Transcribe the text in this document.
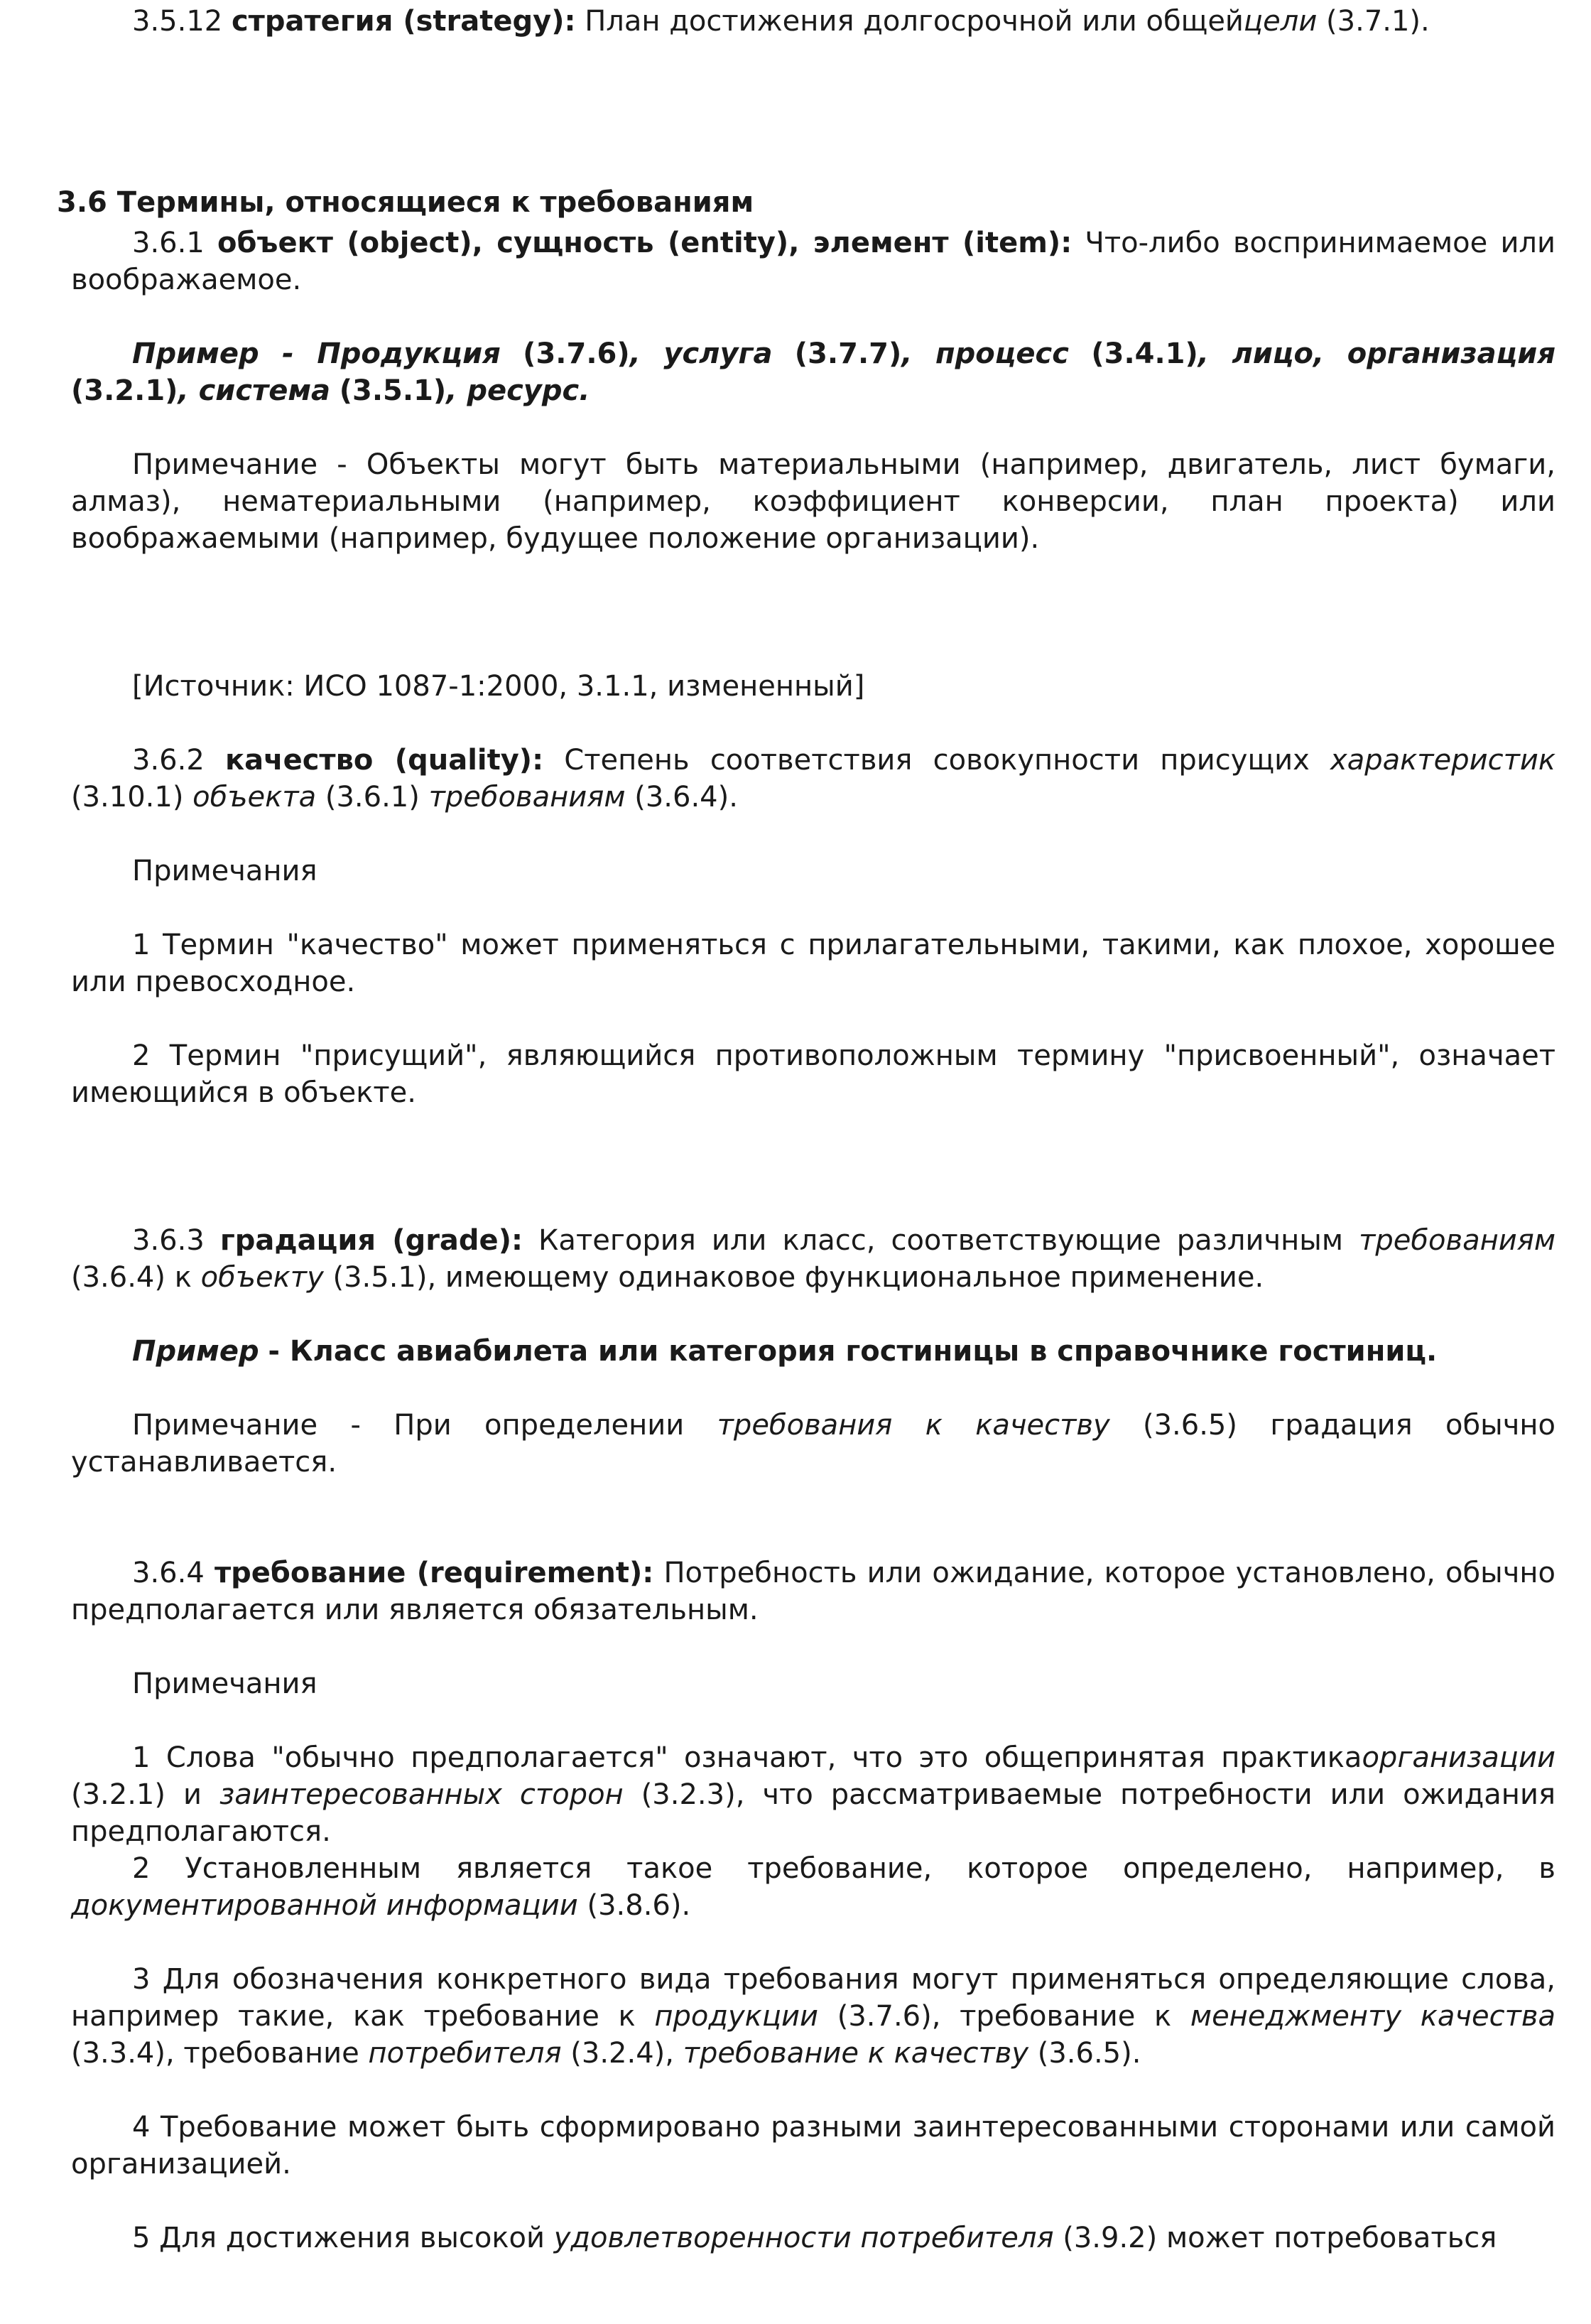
3.5.12 стратегия (strategy): План достижения долгосрочной или общейцели (3.7.1).

3.6 Термины, относящиеся к требованиям

3.6.1 объект (object), сущность (entity), элемент (item): Что-либо воспринимаемое или воображаемое.

Пример - Продукция (3.7.6), услуга (3.7.7), процесс (3.4.1), лицо, организация (3.2.1), система (3.5.1), ресурс.

Примечание - Объекты могут быть материальными (например, двигатель, лист бумаги, алмаз), нематериальными (например, коэффициент конверсии, план проекта) или воображаемыми (например, будущее положение организации).

[Источник: ИСО 1087-1:2000, 3.1.1, измененный]

3.6.2 качество (quality): Степень соответствия совокупности присущих характеристик (3.10.1) объекта (3.6.1) требованиям (3.6.4).

Примечания

1 Термин "качество" может применяться с прилагательными, такими, как плохое, хорошее или превосходное.

2 Термин "присущий", являющийся противоположным термину "присвоенный", означает имеющийся в объекте.

3.6.3 градация (grade): Категория или класс, соответствующие различным требованиям (3.6.4) к объекту (3.5.1), имеющему одинаковое функциональное применение.

Пример - Класс авиабилета или категория гостиницы в справочнике гостиниц.

Примечание - При определении требования к качеству (3.6.5) градация обычно устанавливается.

3.6.4 требование (requirement): Потребность или ожидание, которое установлено, обычно предполагается или является обязательным.

Примечания

1 Слова "обычно предполагается" означают, что это общепринятая практикаорганизации (3.2.1) и заинтересованных сторон (3.2.3), что рассматриваемые потребности или ожидания предполагаются.

2 Установленным является такое требование, которое определено, например, в документированной информации (3.8.6).

3 Для обозначения конкретного вида требования могут применяться определяющие слова, например такие, как требование к продукции (3.7.6), требование к менеджменту качества (3.3.4), требование потребителя (3.2.4), требование к качеству (3.6.5).

4 Требование может быть сформировано разными заинтересованными сторонами или самой организацией.

5 Для достижения высокой удовлетворенности потребителя (3.9.2) может потребоваться
